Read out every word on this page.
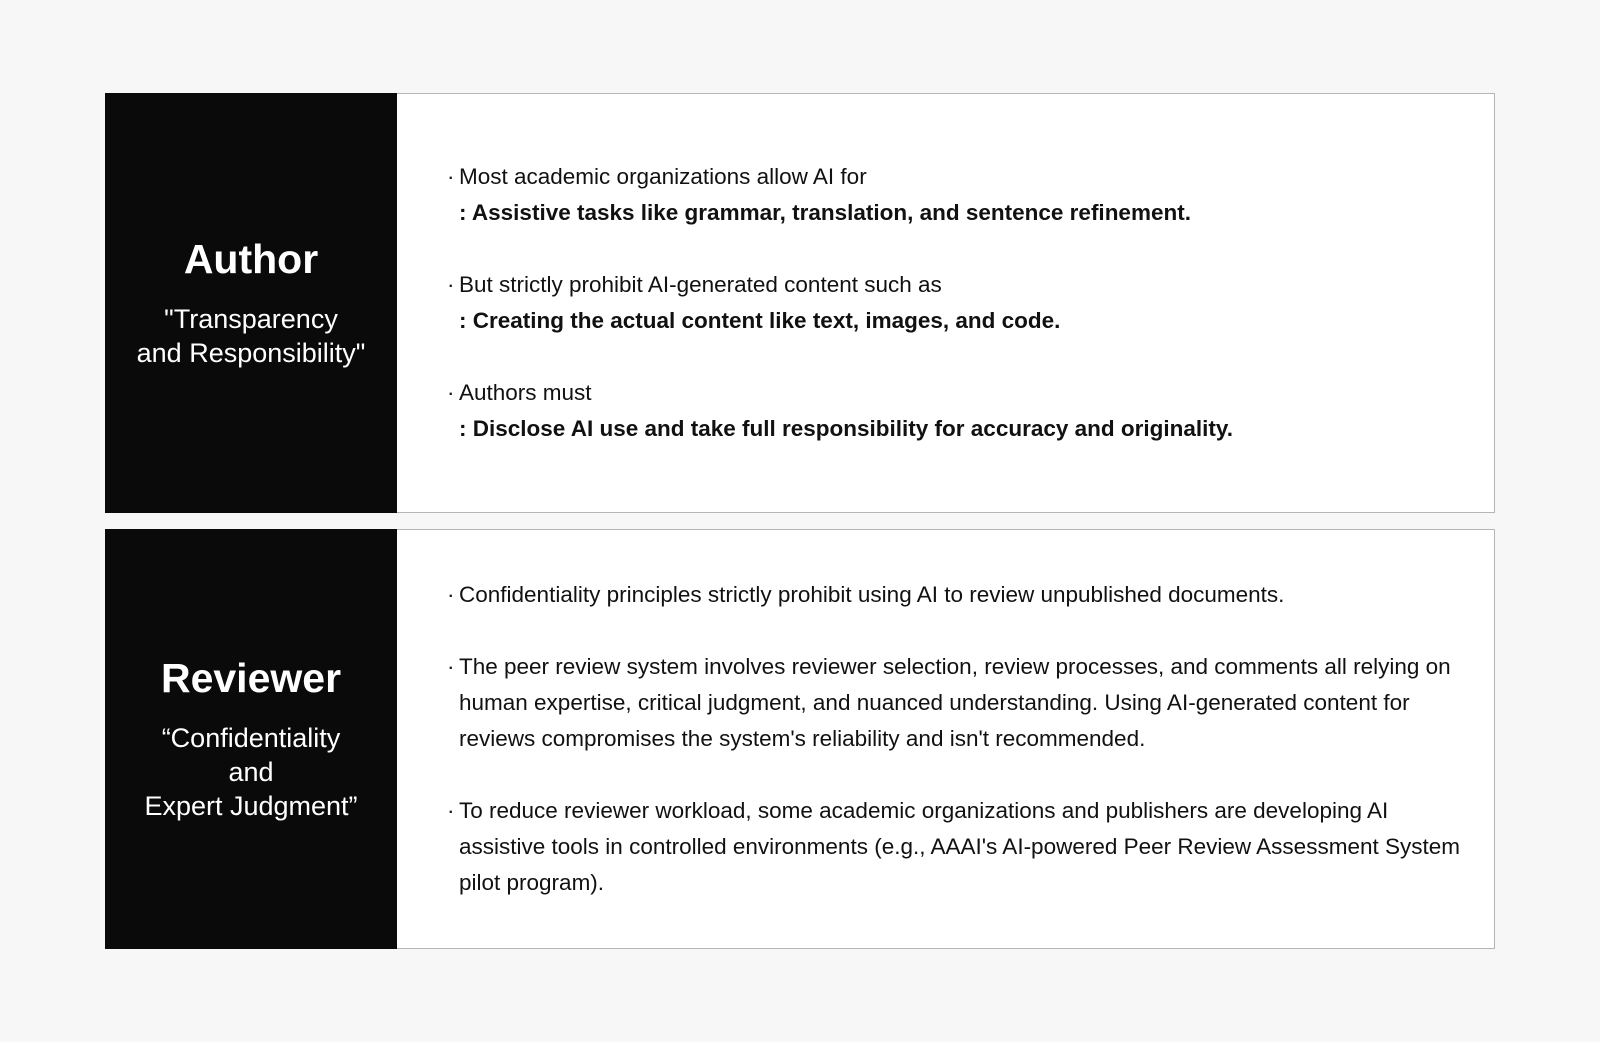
Author
"Transparency
and Responsibility"
· Most academic organizations allow AI for
: Assistive tasks like grammar, translation, and sentence refinement.
· But strictly prohibit AI-generated content such as
: Creating the actual content like text, images, and code.
· Authors must
: Disclose AI use and take full responsibility for accuracy and originality.
Reviewer
“Confidentiality
and
Expert Judgment”
· Confidentiality principles strictly prohibit using AI to review unpublished documents.
· The peer review system involves reviewer selection, review processes, and comments all relying on human expertise, critical judgment, and nuanced understanding. Using AI-generated content for reviews compromises the system's reliability and isn't recommended.
· To reduce reviewer workload, some academic organizations and publishers are developing AI assistive tools in controlled environments (e.g., AAAI's AI-powered Peer Review Assessment System pilot program).
